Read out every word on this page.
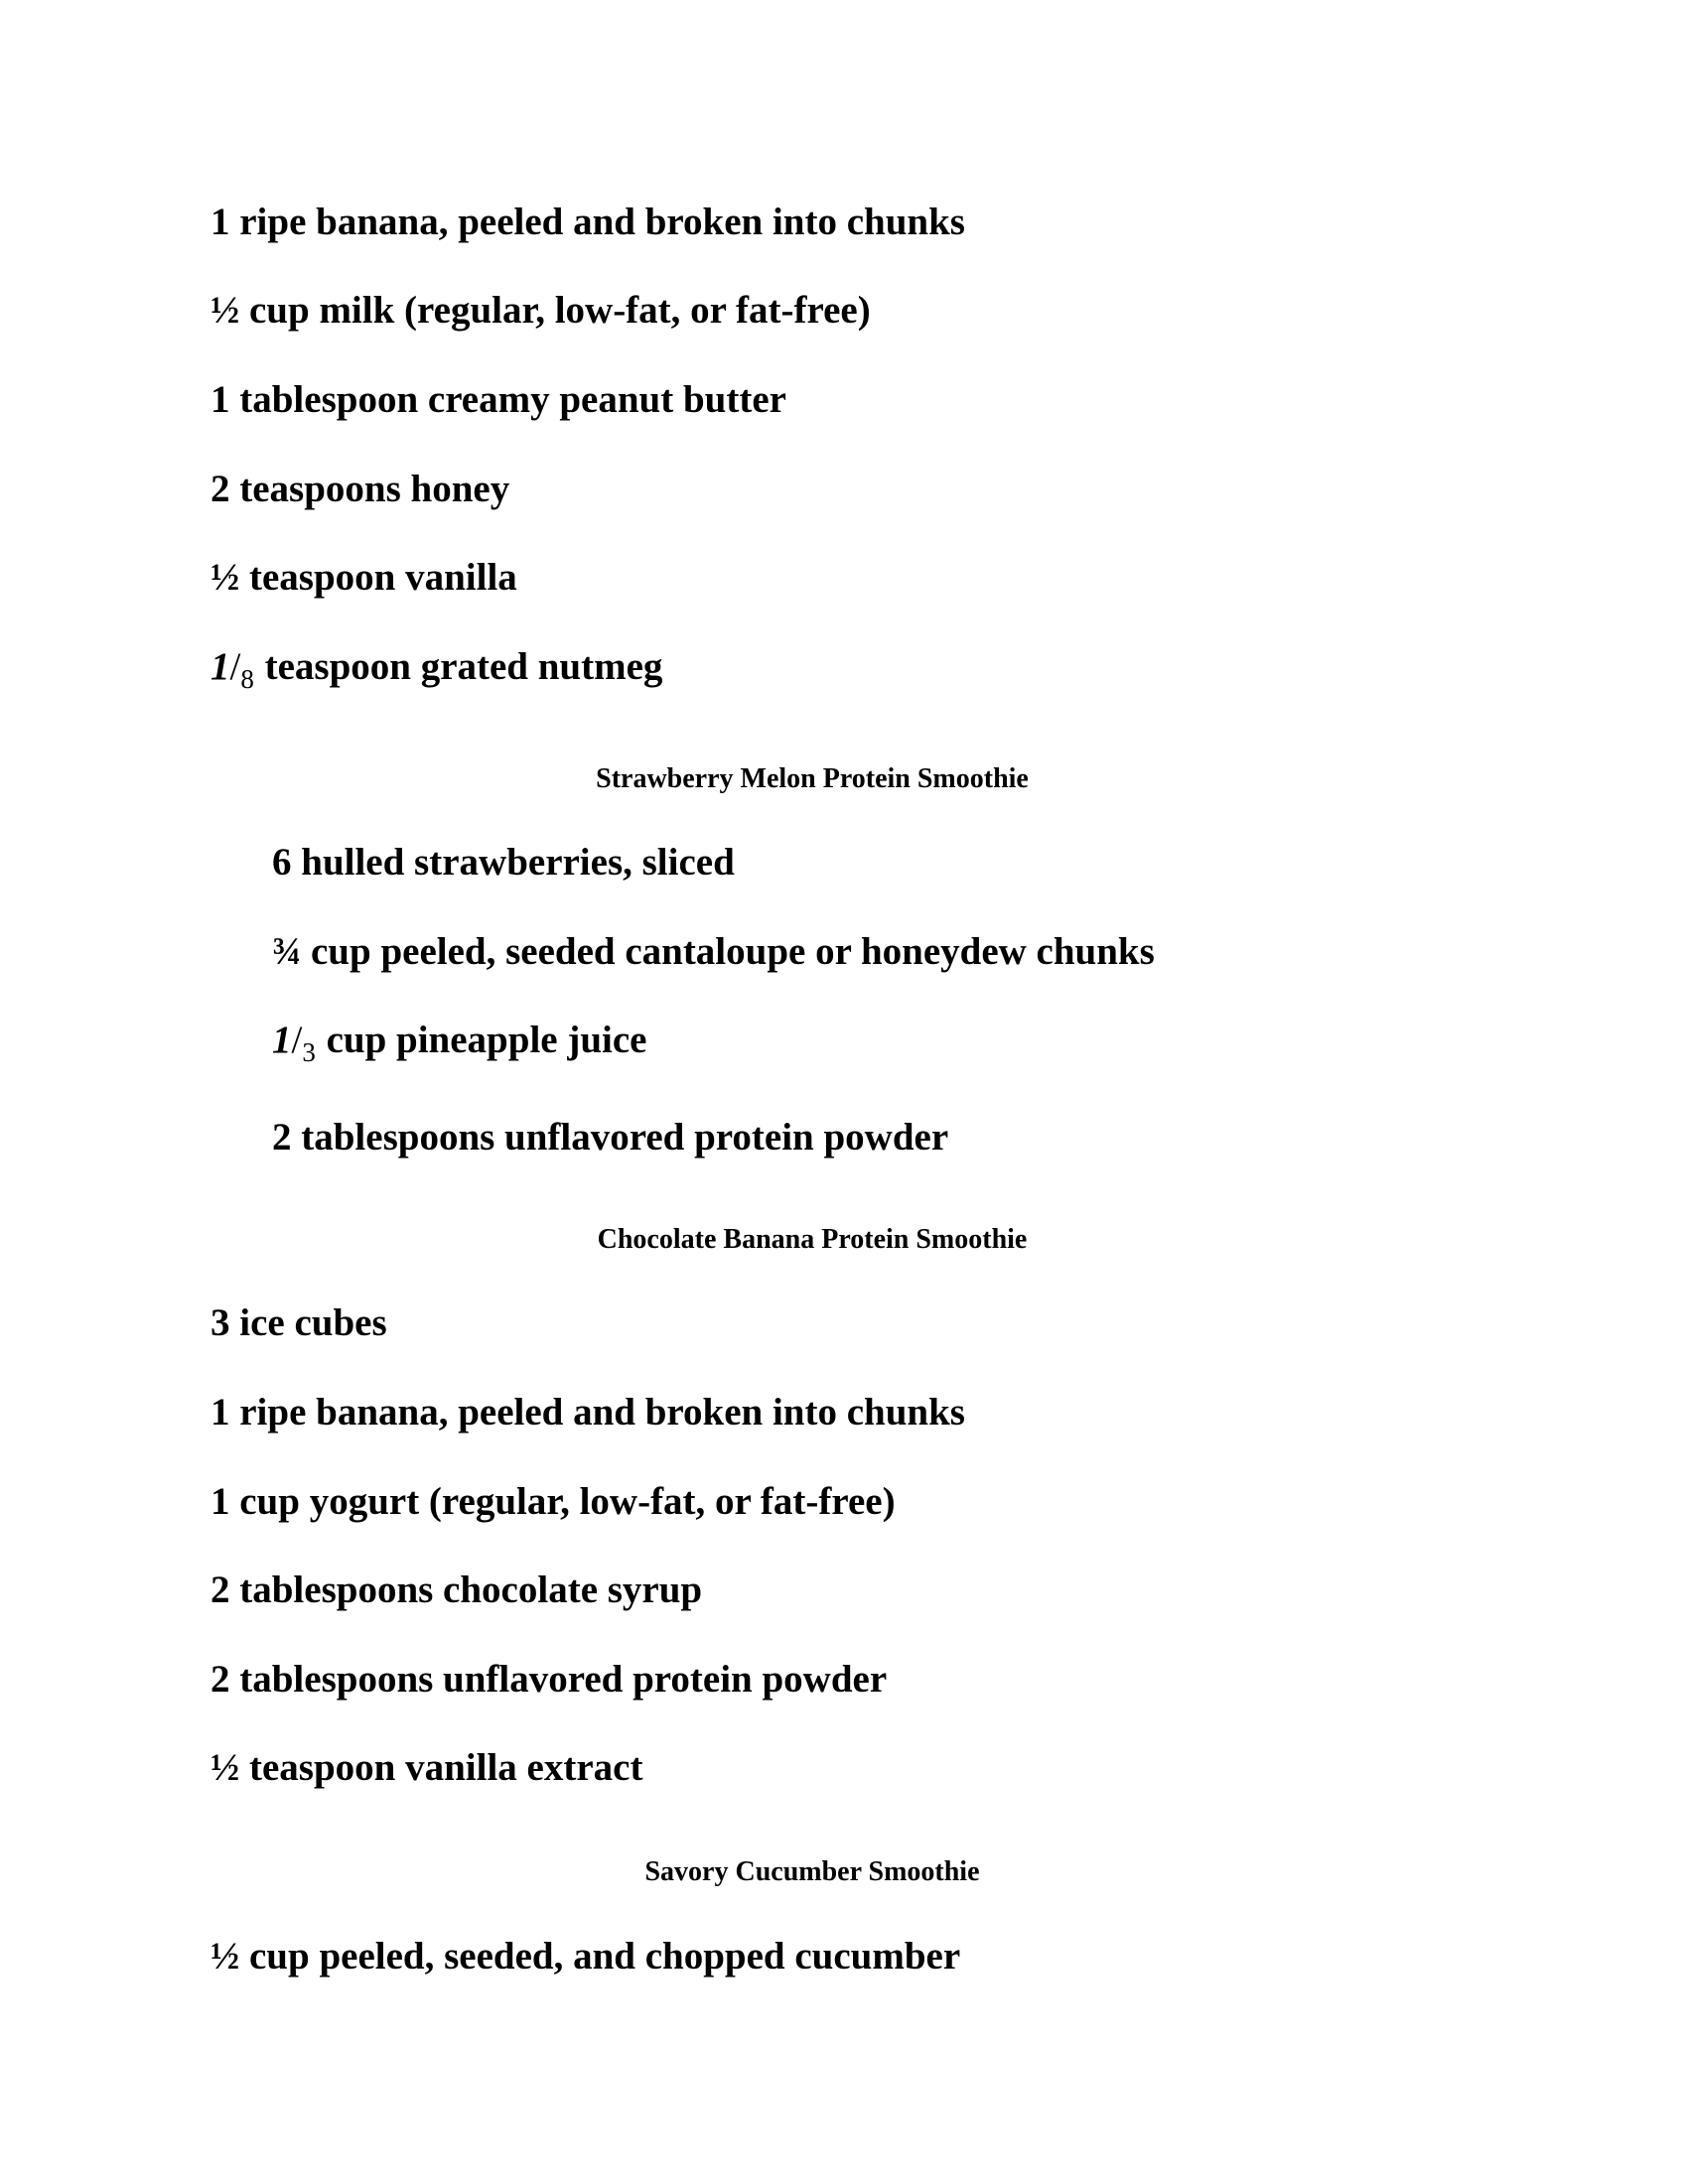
1 ripe banana, peeled and broken into chunks
½ cup milk (regular, low-fat, or fat-free)
1 tablespoon creamy peanut butter
2 teaspoons honey
½ teaspoon vanilla
$1/_8$ teaspoon grated nutmeg
Strawberry Melon Protein Smoothie
6 hulled strawberries, sliced
¾ cup peeled, seeded cantaloupe or honeydew chunks
$1/_3$ cup pineapple juice
2 tablespoons unflavored protein powder
Chocolate Banana Protein Smoothie
3 ice cubes
1 ripe banana, peeled and broken into chunks
1 cup yogurt (regular, low-fat, or fat-free)
2 tablespoons chocolate syrup
2 tablespoons unflavored protein powder
½ teaspoon vanilla extract
Savory Cucumber Smoothie
½ cup peeled, seeded, and chopped cucumber
